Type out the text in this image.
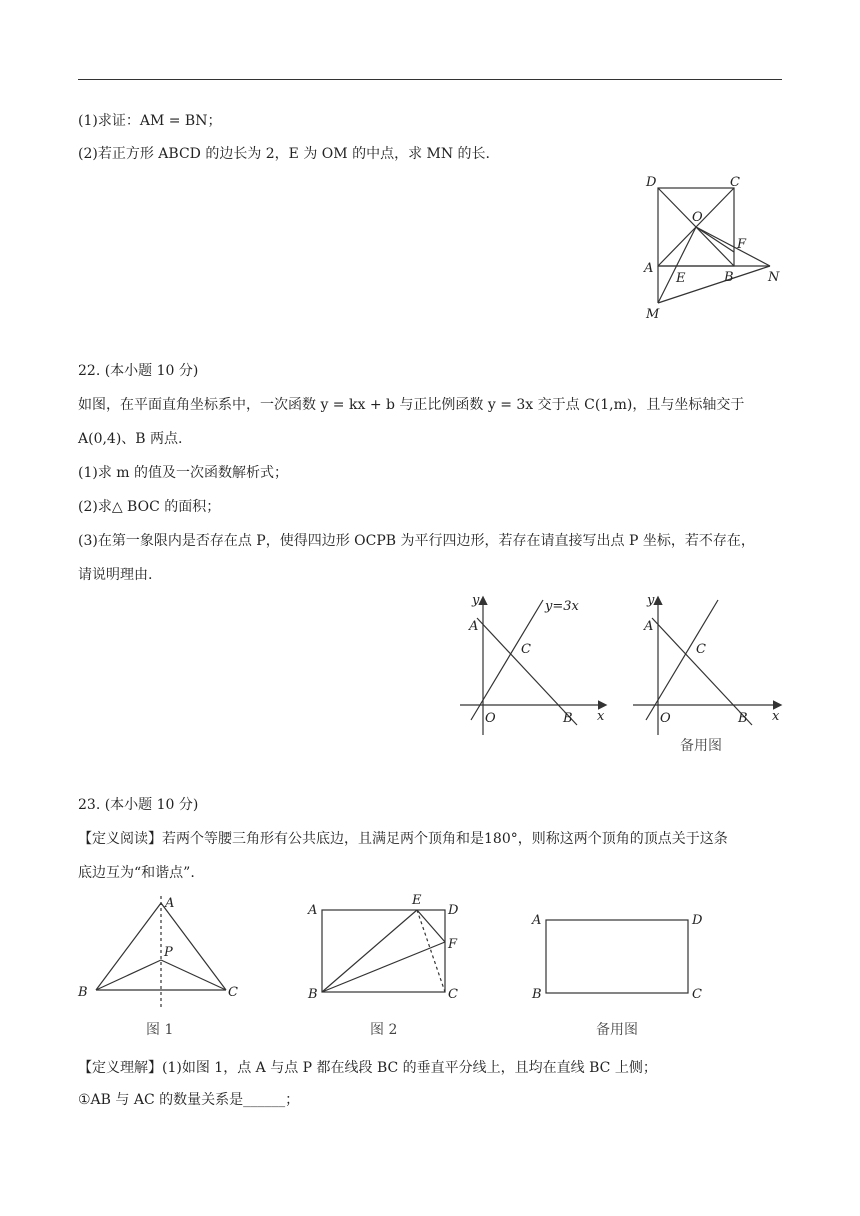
(1)求证：AM = BN；
(2)若正方形 ABCD 的边长为 2，E 为 OM 的中点，求 MN 的长.
D	C
O
F
A
E	B	N
M
22. (本小题 10 分)
如图，在平面直角坐标系中，一次函数 y = kx + b 与正比例函数 y = 3x 交于点 C(1,m)，且与坐标轴交于
A(0,4)、B 两点.
(1)求 m 的值及一次函数解析式；
(2)求△ BOC 的面积；
(3)在第一象限内是否存在点 P，使得四边形 OCPB 为平行四边形，若存在请直接写出点 P 坐标，若不存在，
请说明理由.
y	y=3x
A
C
O	B x
y
A
C
O	B x
备用图
23. (本小题 10 分)
【定义阅读】若两个等腰三角形有公共底边，且满足两个顶角和是180°，则称这两个顶角的顶点关于这条
底边互为“和谐点”.
A
P
B	C
图 1
A
E
D
F
B	C
图 2
A	D
B	C
备用图
【定义理解】(1)如图 1，点 A 与点 P 都在线段 BC 的垂直平分线上，且均在直线 BC 上侧；
①AB 与 AC 的数量关系是______；
